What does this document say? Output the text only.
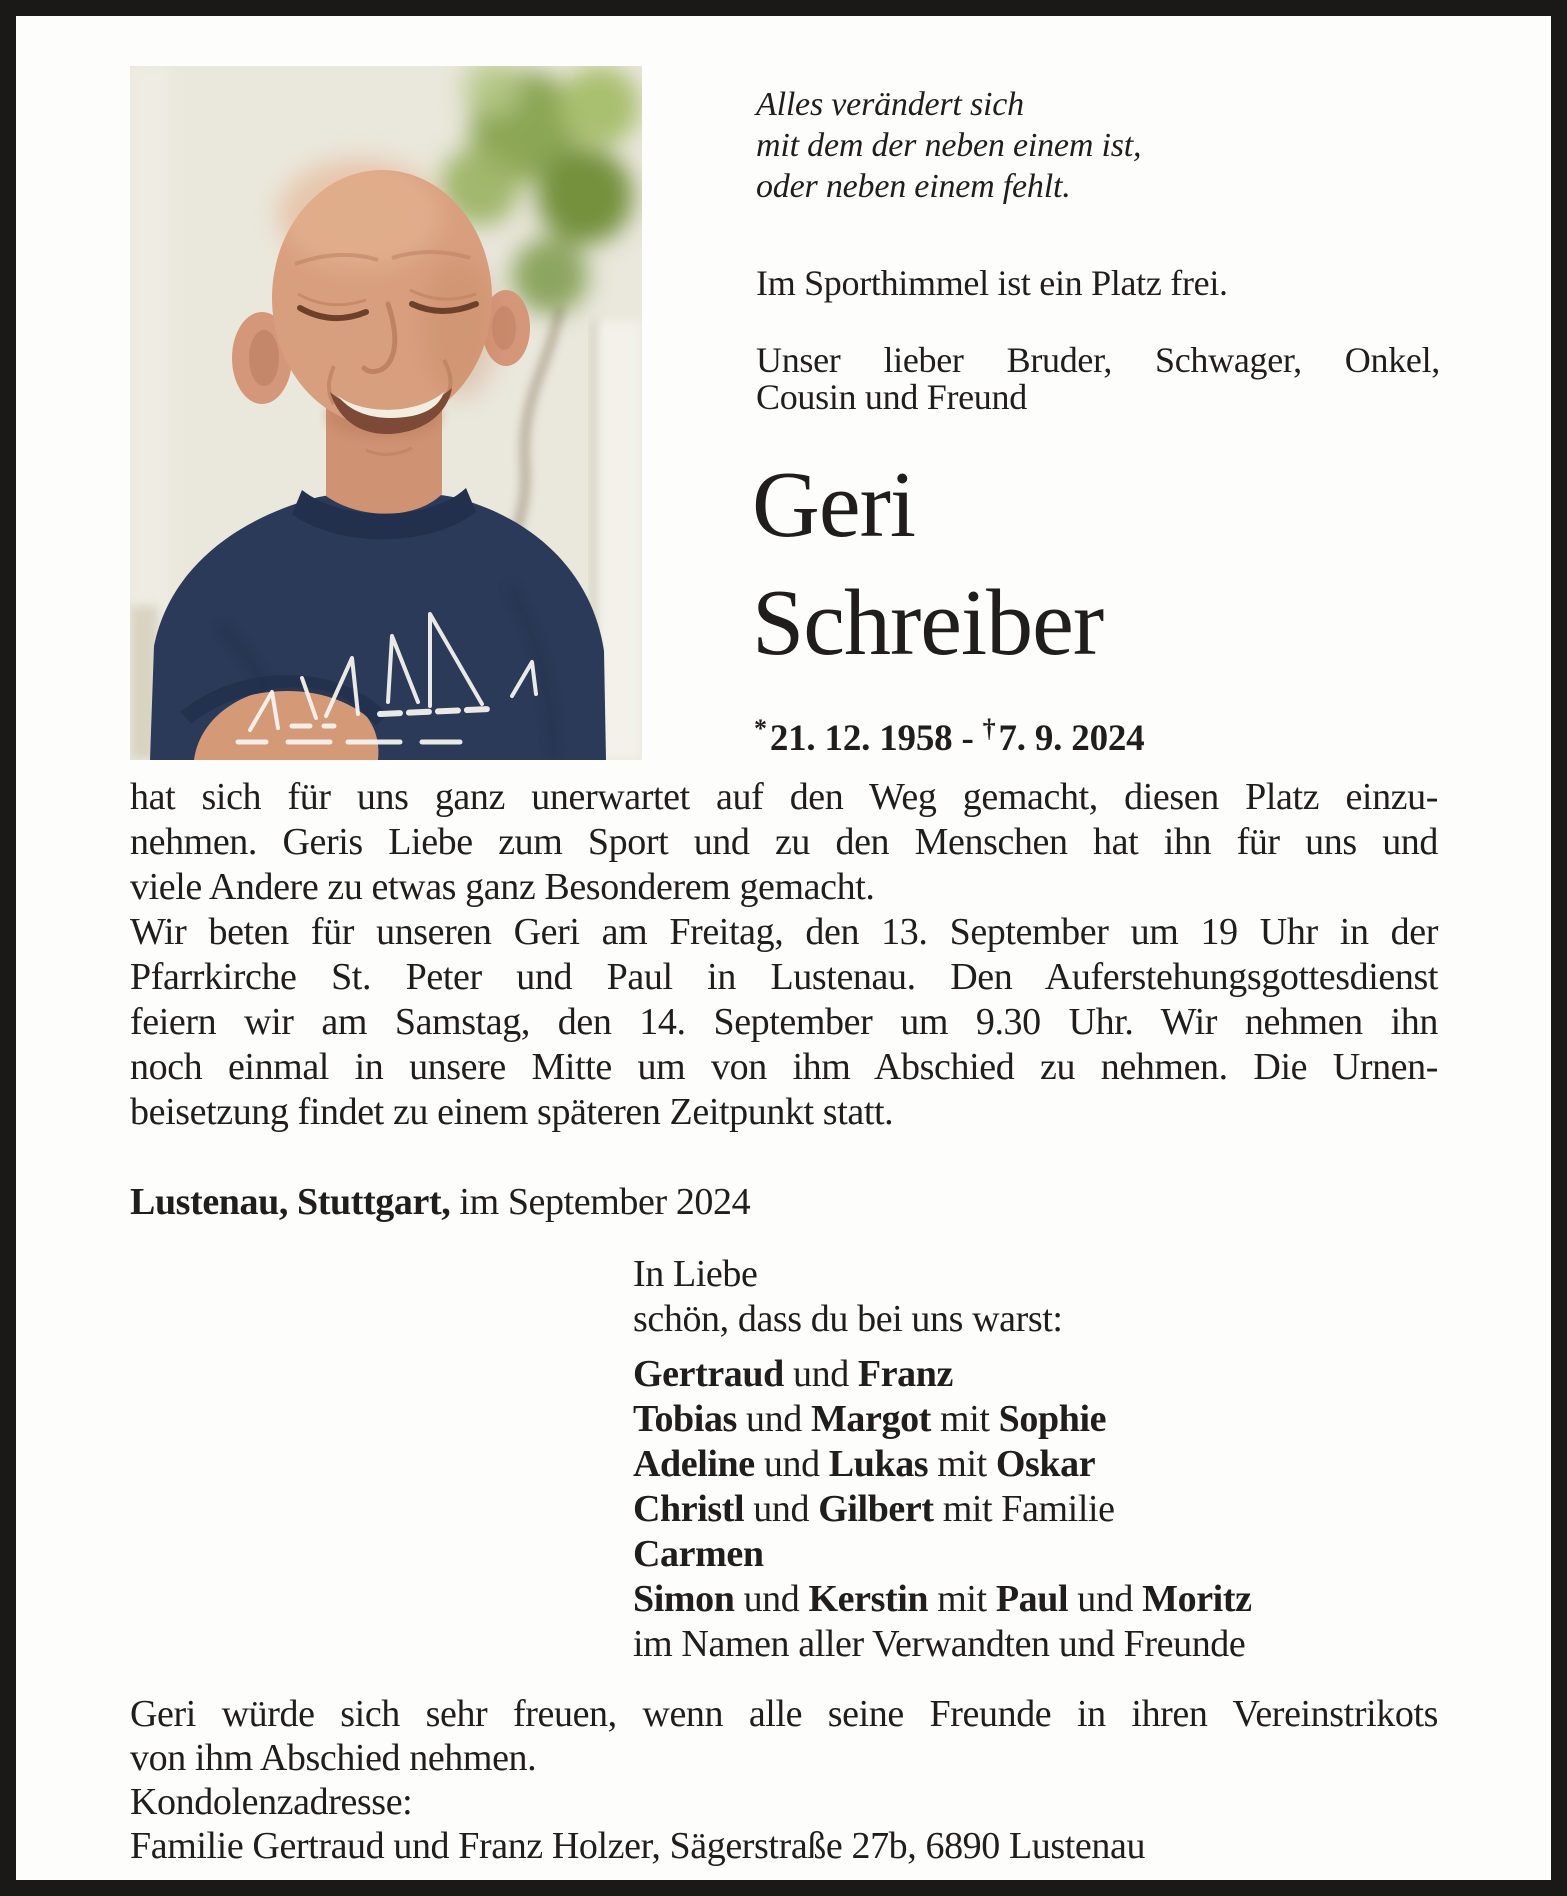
Alles verändert sich
mit dem der neben einem ist,
oder neben einem fehlt.
Im Sporthimmel ist ein Platz frei.
Unser lieber Bruder, Schwager, Onkel,
Cousin und Freund
Geri
Schreiber
*21. 12. 1958 - †7. 9. 2024
hat sich für uns ganz unerwartet auf den Weg gemacht, diesen Platz einzu-
nehmen. Geris Liebe zum Sport und zu den Menschen hat ihn für uns und
viele Andere zu etwas ganz Besonderem gemacht.
Wir beten für unseren Geri am Freitag, den 13. September um 19 Uhr in der
Pfarrkirche St. Peter und Paul in Lustenau. Den Auferstehungsgottesdienst
feiern wir am Samstag, den 14. September um 9.30 Uhr. Wir nehmen ihn
noch einmal in unsere Mitte um von ihm Abschied zu nehmen. Die Urnen-
beisetzung findet zu einem späteren Zeitpunkt statt.
Lustenau, Stuttgart, im September 2024
In Liebe
schön, dass du bei uns warst:
Gertraud und Franz
Tobias und Margot mit Sophie
Adeline und Lukas mit Oskar
Christl und Gilbert mit Familie
Carmen
Simon und Kerstin mit Paul und Moritz
im Namen aller Verwandten und Freunde
Geri würde sich sehr freuen, wenn alle seine Freunde in ihren Vereinstrikots
von ihm Abschied nehmen.
Kondolenzadresse:
Familie Gertraud und Franz Holzer, Sägerstraße 27b, 6890 Lustenau
